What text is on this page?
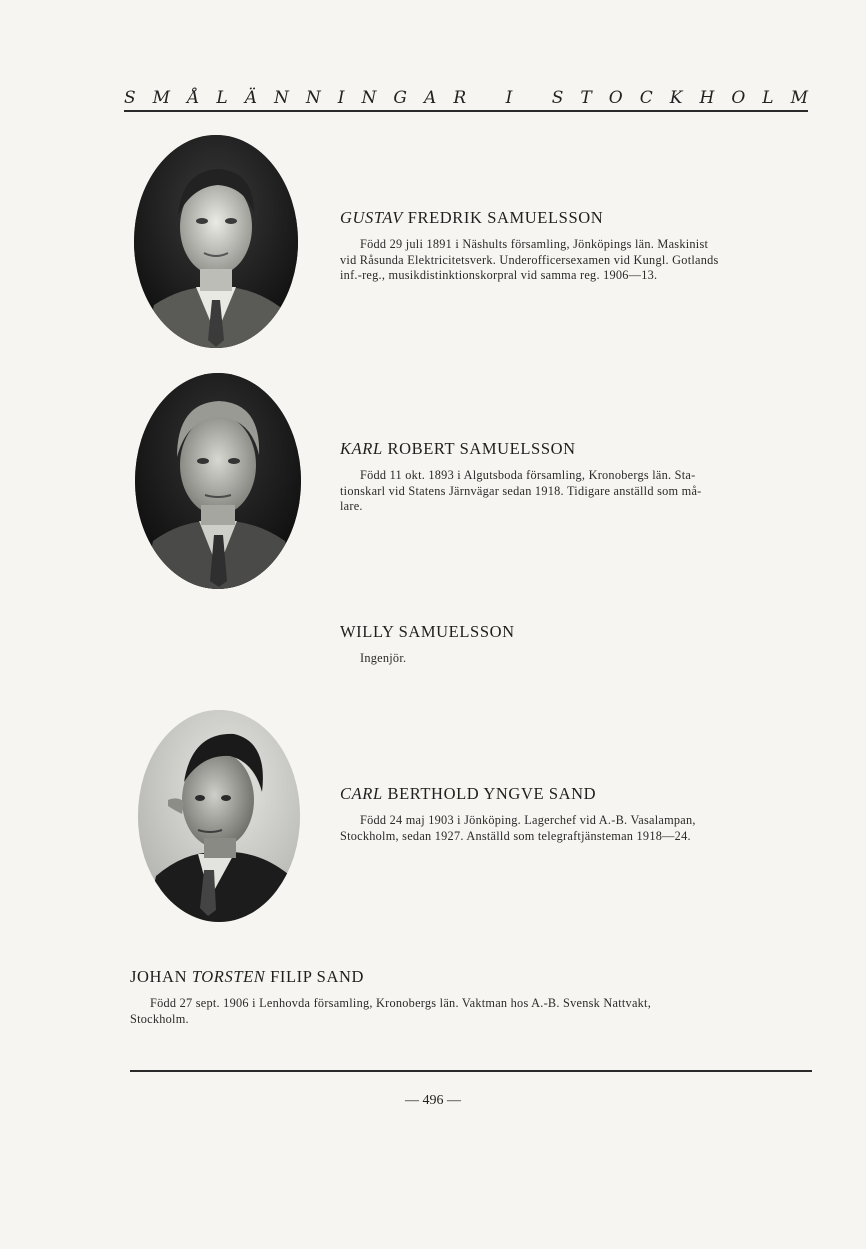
S M Å L Ä N N I N G A R
I
S T O C K H O L M
GUSTAV FREDRIK SAMUELSSON
Född 29 juli 1891 i Näshults församling, Jönköpings län. Maskinist
vid Råsunda Elektricitetsverk. Underofficersexamen vid Kungl. Gotlands
inf.-reg., musikdistinktionskorpral vid samma reg. 1906—13.
KARL ROBERT SAMUELSSON
Född 11 okt. 1893 i Algutsboda församling, Kronobergs län. Sta-
tionskarl vid Statens Järnvägar sedan 1918. Tidigare anställd som må-
lare.
WILLY SAMUELSSON
Ingenjör.
CARL BERTHOLD YNGVE SAND
Född 24 maj 1903 i Jönköping. Lagerchef vid A.-B. Vasalampan,
Stockholm, sedan 1927. Anställd som telegraftjänsteman 1918—24.
JOHAN TORSTEN FILIP SAND
Född 27 sept. 1906 i Lenhovda församling, Kronobergs län. Vaktman hos A.-B. Svensk Nattvakt,
Stockholm.
— 496 —
